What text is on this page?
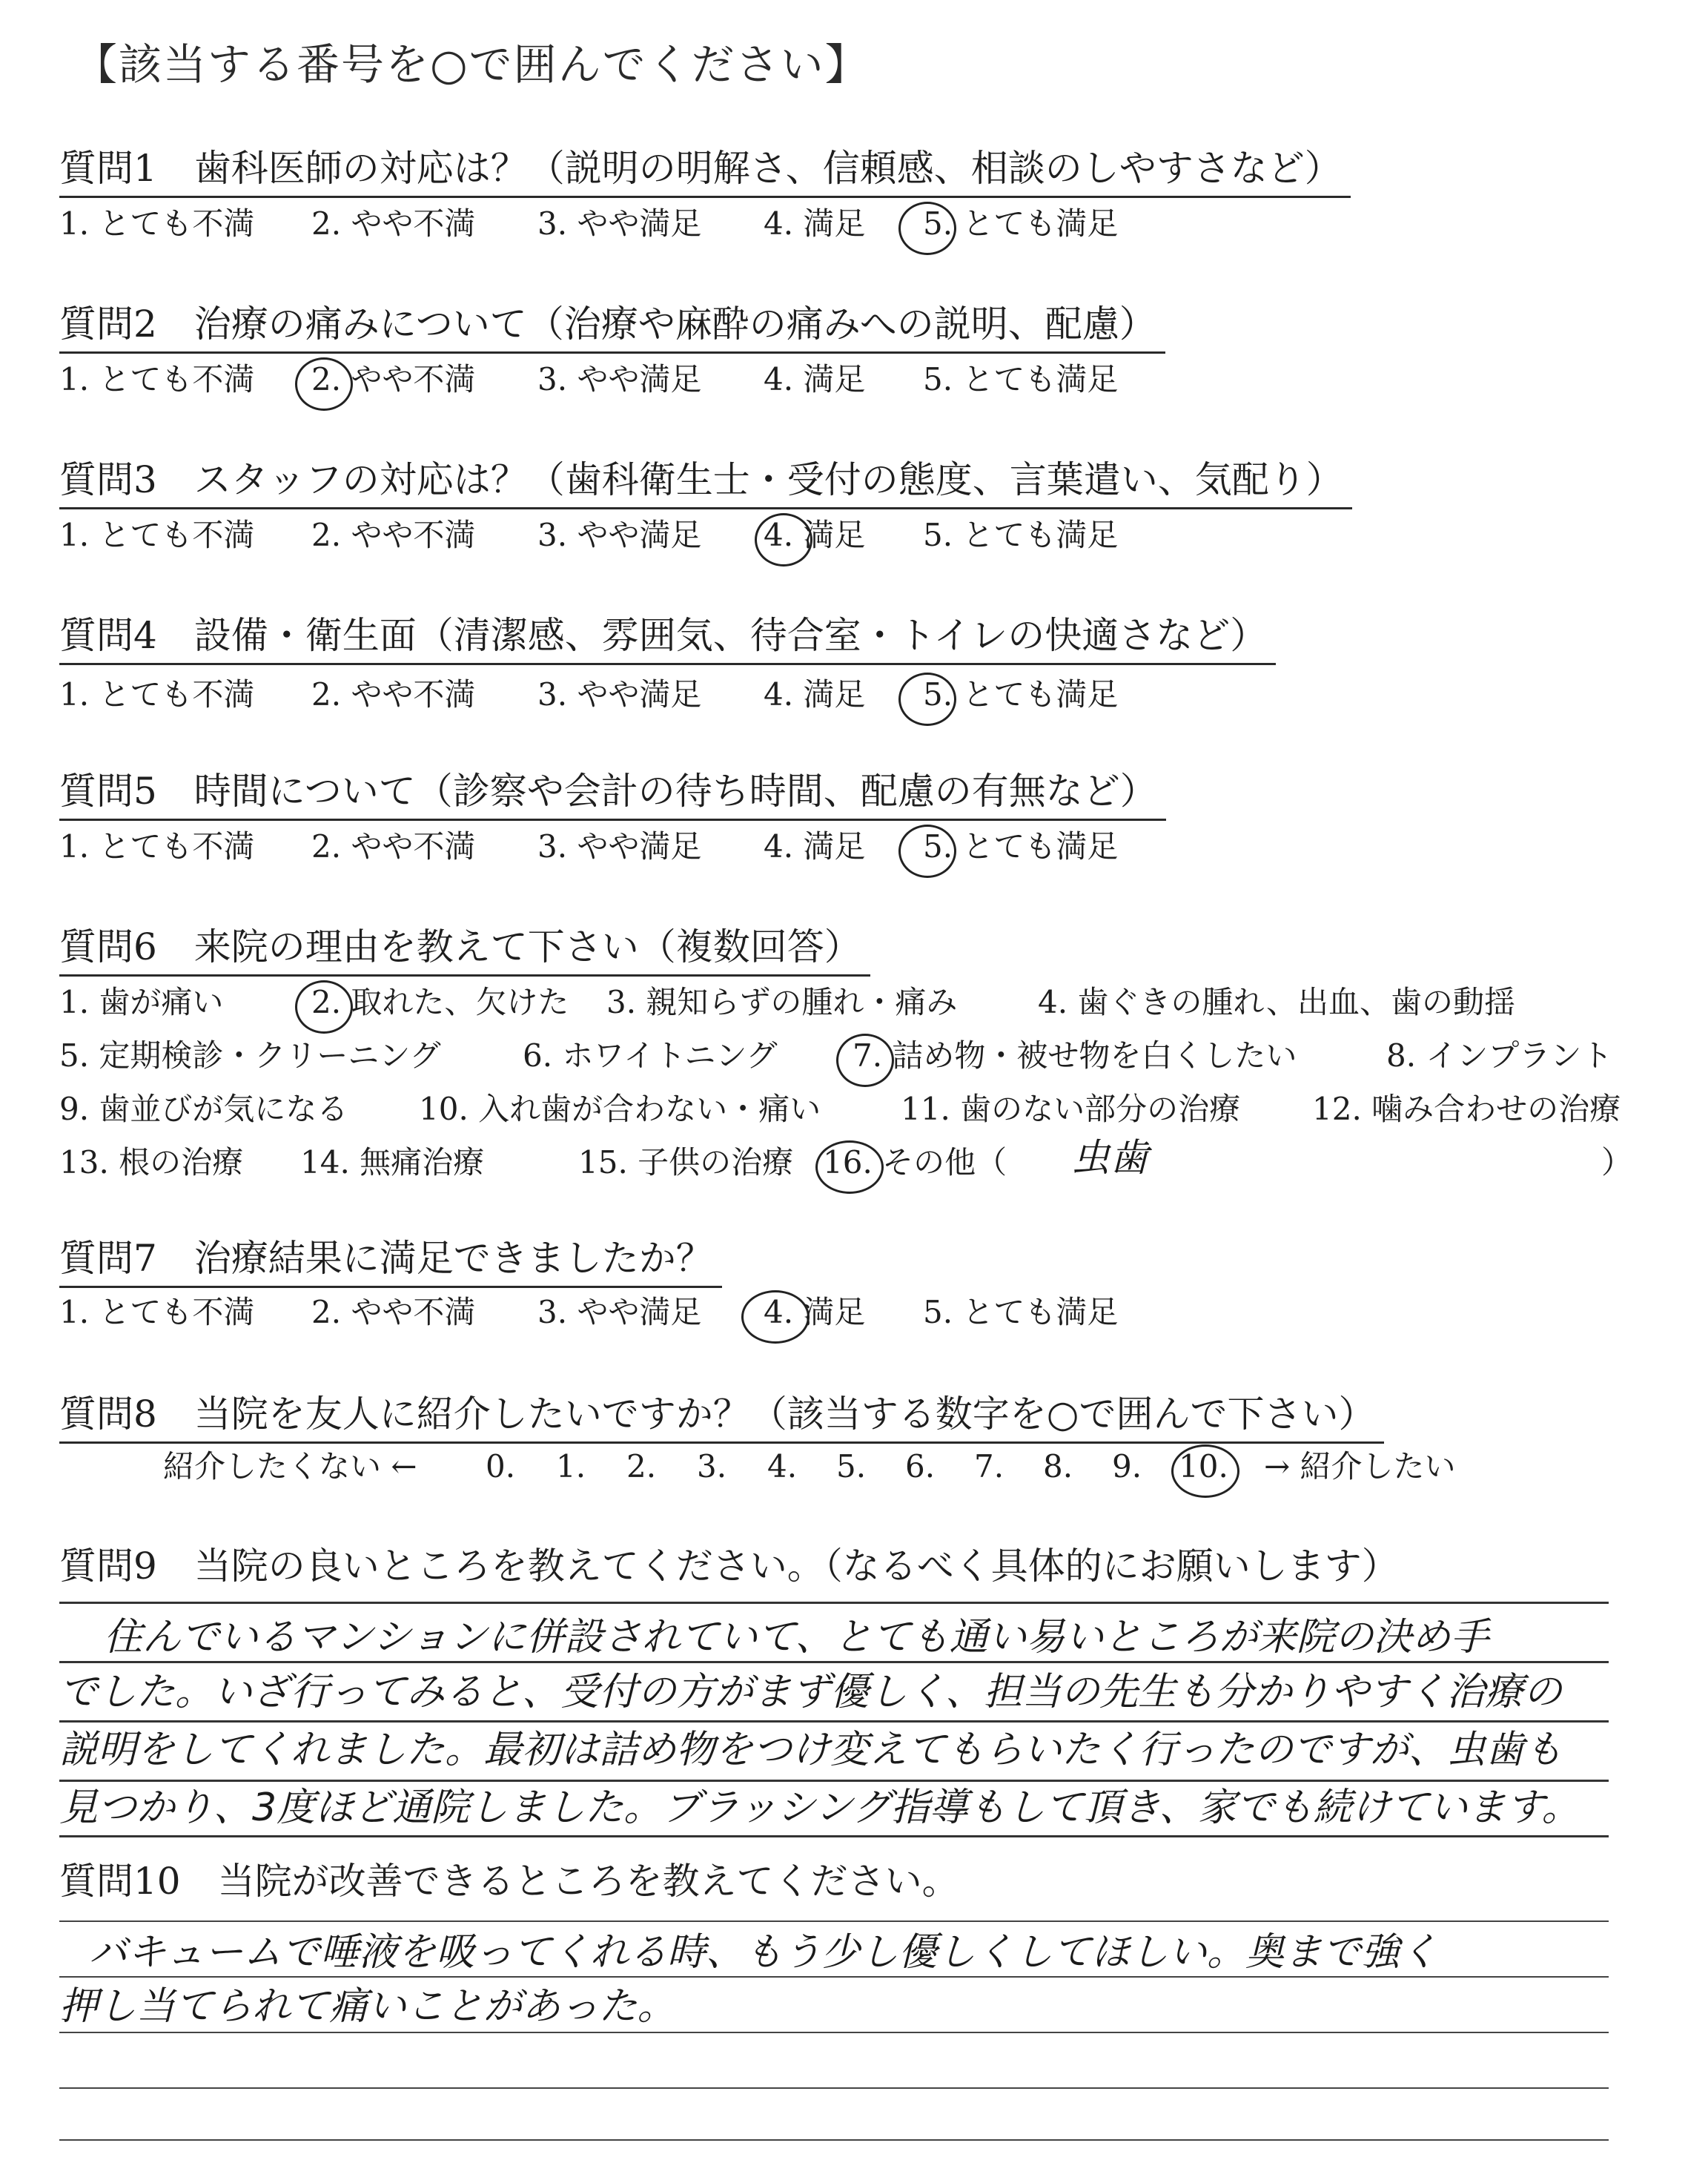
【該当する番号を○で囲んでください】
質問1　歯科医師の対応は？（説明の明解さ、信頼感、相談のしやすさなど）
1. とても不満 2. やや不満 3. やや満足 4. 満足 5. とても満足
質問2　治療の痛みについて（治療や麻酔の痛みへの説明、配慮）
1. とても不満 2. やや不満 3. やや満足 4. 満足 5. とても満足
質問3　スタッフの対応は？（歯科衛生士・受付の態度、言葉遣い、気配り）
1. とても不満 2. やや不満 3. やや満足 4. 満足 5. とても満足
質問4　設備・衛生面（清潔感、雰囲気、待合室・トイレの快適さなど）
1. とても不満 2. やや不満 3. やや満足 4. 満足 5. とても満足
質問5　時間について（診察や会計の待ち時間、配慮の有無など）
1. とても不満 2. やや不満 3. やや満足 4. 満足 5. とても満足
質問6　来院の理由を教えて下さい（複数回答）
1. 歯が痛い	2. 取れた、欠けた 3. 親知らずの腫れ・痛み	4. 歯ぐきの腫れ、出血、歯の動揺
5. 定期検診・クリーニング	6. ホワイトニング 7. 詰め物・被せ物を白くしたい	8. インプラント
9. 歯並びが気になる 10. 入れ歯が合わない・痛い	11. 歯のない部分の治療 12. 噛み合わせの治療
13. 根の治療 14. 無痛治療	15. 子供の治療 16. その他（ 虫歯	）
質問7　治療結果に満足できましたか？
1. とても不満 2. やや不満 3. やや満足 4. 満足 5. とても満足
質問8　当院を友人に紹介したいですか？（該当する数字を○で囲んで下さい）
紹介したくない ← 0. 1. 2. 3. 4. 5. 6. 7. 8. 9. 10. → 紹介したい
質問9　当院の良いところを教えてください。（なるべく具体的にお願いします）
住んでいるマンションに併設されていて、とても通い易いところが来院の決め手
でした。いざ行ってみると、受付の方がまず優しく、担当の先生も分かりやすく治療の
説明をしてくれました。最初は詰め物をつけ変えてもらいたく行ったのですが、虫歯も
見つかり、3度ほど通院しました。ブラッシング指導もして頂き、家でも続けています。
質問10　当院が改善できるところを教えてください。
バキュームで唾液を吸ってくれる時、もう少し優しくしてほしい。奥まで強く
押し当てられて痛いことがあった。
